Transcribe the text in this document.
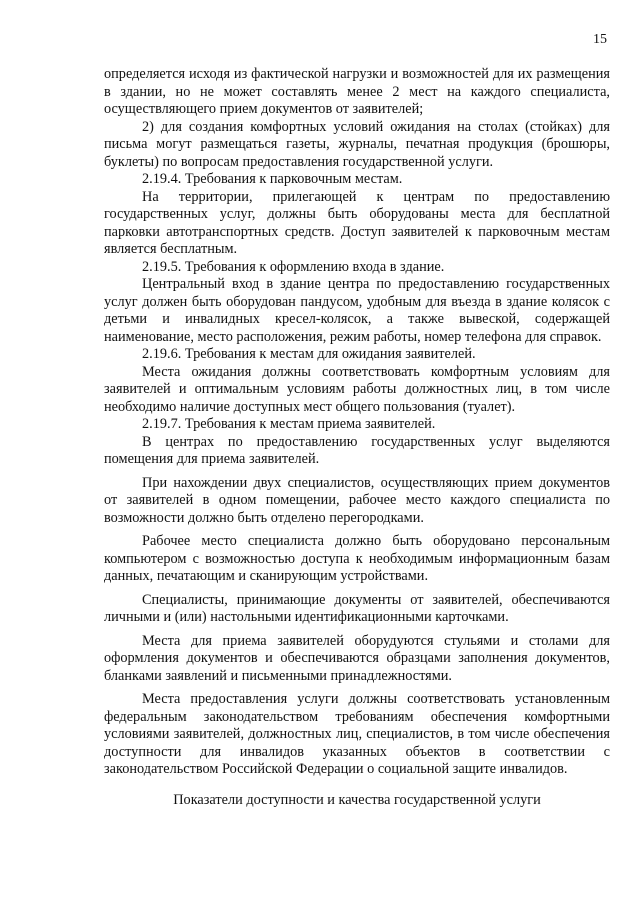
15

определяется исходя из фактической нагрузки и возможностей для их размещения в здании, но не может составлять менее 2 мест на каждого специалиста, осуществляющего прием документов от заявителей;

2) для создания комфортных условий ожидания на столах (стойках) для письма могут размещаться газеты, журналы, печатная продукция (брошюры, буклеты) по вопросам предоставления государственной услуги.

2.19.4. Требования к парковочным местам.

На территории, прилегающей к центрам по предоставлению государственных услуг, должны быть оборудованы места для бесплатной парковки автотранспортных средств. Доступ заявителей к парковочным местам является бесплатным.

2.19.5. Требования к оформлению входа в здание.

Центральный вход в здание центра по предоставлению государственных услуг должен быть оборудован пандусом, удобным для въезда в здание колясок с детьми и инвалидных кресел-колясок, а также вывеской, содержащей наименование, место расположения, режим работы, номер телефона для справок.

2.19.6. Требования к местам для ожидания заявителей.

Места ожидания должны соответствовать комфортным условиям для заявителей и оптимальным условиям работы должностных лиц, в том числе необходимо наличие доступных мест общего пользования (туалет).

2.19.7. Требования к местам приема заявителей.

В центрах по предоставлению государственных услуг выделяются помещения для приема заявителей.

При нахождении двух специалистов, осуществляющих прием документов от заявителей в одном помещении, рабочее место каждого специалиста по возможности должно быть отделено перегородками.

Рабочее место специалиста должно быть оборудовано персональным компьютером с возможностью доступа к необходимым информационным базам данных, печатающим и сканирующим устройствами.

Специалисты, принимающие документы от заявителей, обеспечиваются личными и (или) настольными идентификационными карточками.

Места для приема заявителей оборудуются стульями и столами для оформления документов и обеспечиваются образцами заполнения документов, бланками заявлений и письменными принадлежностями.

Места предоставления услуги должны соответствовать установленным федеральным законодательством требованиям обеспечения комфортными условиями заявителей, должностных лиц, специалистов, в том числе обеспечения доступности для инвалидов указанных объектов в соответствии с законодательством Российской Федерации о социальной защите инвалидов.

Показатели доступности и качества государственной услуги
